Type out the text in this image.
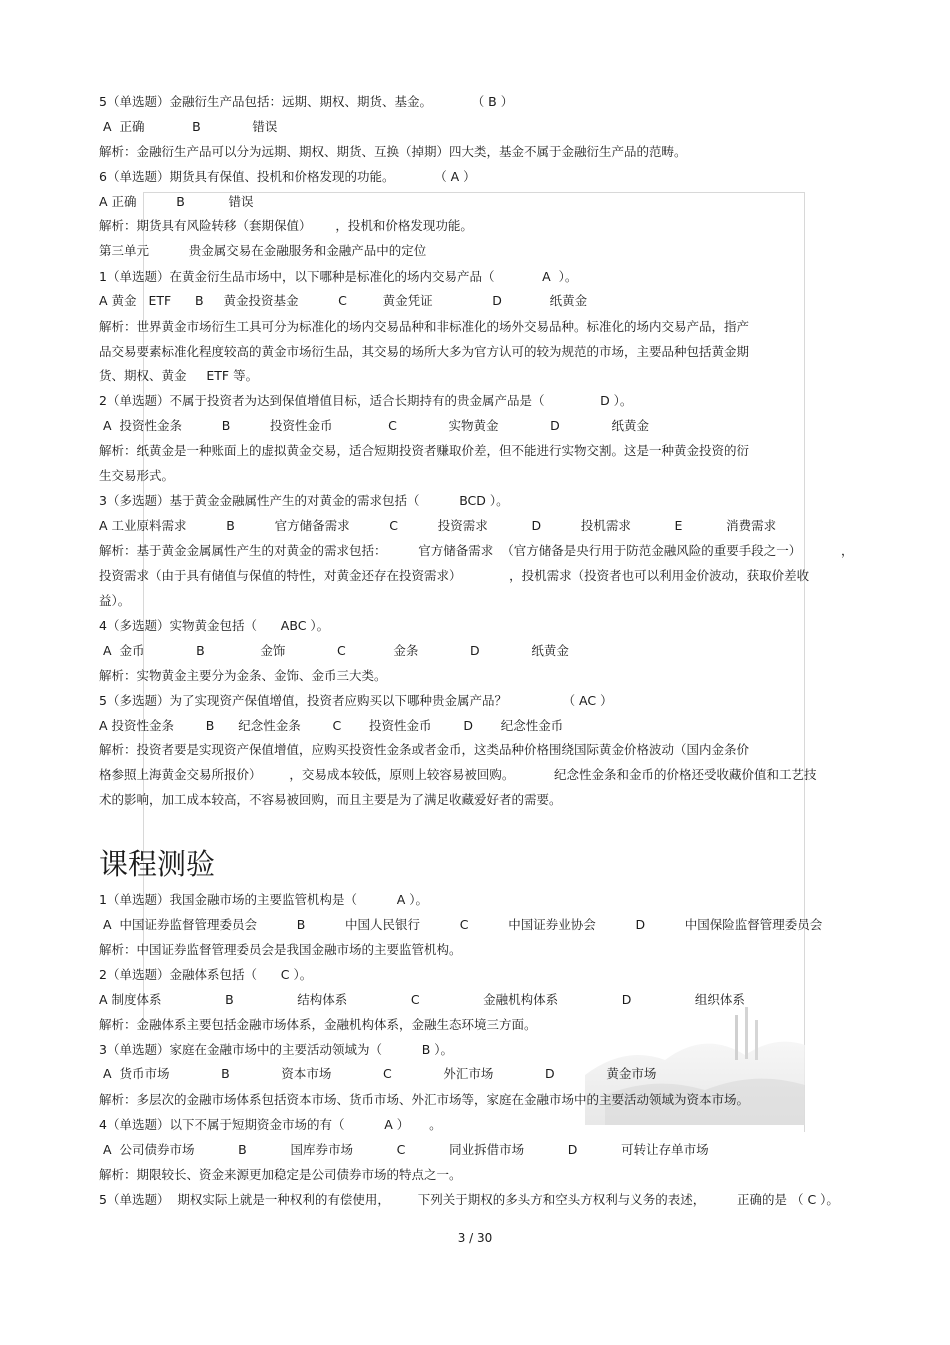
5（单选题）金融衍生产品包括：远期、期权、期货、基金。          （ B ）
A  正确            B             错误
解析：金融衍生产品可以分为远期、期权、期货、互换（掉期）四大类，基金不属于金融衍生产品的范畴。
6（单选题）期货具有保值、投机和价格发现的功能。          （ A ）
A 正确          B           错误
解析：期货具有风险转移（套期保值）      ，投机和价格发现功能。
第三单元          贵金属交易在金融服务和金融产品中的定位
1（单选题）在黄金衍生品市场中，以下哪种是标准化的场内交易产品（            A  ）。
A 黄金   ETF      B     黄金投资基金          C         黄金凭证               D            纸黄金
解析：世界黄金市场衍生工具可分为标准化的场内交易品种和非标准化的场外交易品种。标准化的场内交易产品，指产
品交易要素标准化程度较高的黄金市场衍生品，其交易的场所大多为官方认可的较为规范的市场，主要品种包括黄金期
货、期权、黄金     ETF 等。
2（单选题）不属于投资者为达到保值增值目标，适合长期持有的贵金属产品是（              D ）。
A  投资性金条          B          投资性金币              C             实物黄金             D             纸黄金
解析：纸黄金是一种账面上的虚拟黄金交易，适合短期投资者赚取价差，但不能进行实物交割。这是一种黄金投资的衍
生交易形式。
3（多选题）基于黄金金融属性产生的对黄金的需求包括（          BCD ）。
A 工业原料需求          B          官方储备需求          C          投资需求           D          投机需求           E           消费需求
解析：基于黄金金属属性产生的对黄金的需求包括：        官方储备需求  （官方储备是央行用于防范金融风险的重要手段之一）          ，
投资需求（由于具有储值与保值的特性，对黄金还存在投资需求）            ，投机需求（投资者也可以利用金价波动，获取价差收
益）。
4（多选题）实物黄金包括（      ABC ）。
A  金币             B              金饰             C            金条             D             纸黄金
解析：实物黄金主要分为金条、金饰、金币三大类。
5（多选题）为了实现资产保值增值，投资者应购买以下哪种贵金属产品？              （ AC ）
A 投资性金条        B      纪念性金条        C       投资性金币        D       纪念性金币
解析：投资者要是实现资产保值增值，应购买投资性金条或者金币，这类品种价格围绕国际黄金价格波动（国内金条价
格参照上海黄金交易所报价）       ，交易成本较低，原则上较容易被回购。          纪念性金条和金币的价格还受收藏价值和工艺技
术的影响，加工成本较高，不容易被回购，而且主要是为了满足收藏爱好者的需要。
课程测验
1（单选题）我国金融市场的主要监管机构是（          A ）。
A  中国证券监督管理委员会          B          中国人民银行          C          中国证券业协会          D          中国保险监督管理委员会
解析：中国证券监督管理委员会是我国金融市场的主要监管机构。
2（单选题）金融体系包括（      C ）。
A 制度体系                B                结构体系                C                金融机构体系                D                组织体系
解析：金融体系主要包括金融市场体系，金融机构体系，金融生态环境三方面。
3（单选题）家庭在金融市场中的主要活动领域为（          B ）。
A  货币市场             B             资本市场             C             外汇市场             D             黄金市场
解析：多层次的金融市场体系包括资本市场、货币市场、外汇市场等，家庭在金融市场中的主要活动领域为资本市场。
4（单选题）以下不属于短期资金市场的有（          A ）     。
A  公司债券市场           B           国库券市场           C           同业拆借市场           D           可转让存单市场
解析：期限较长、资金来源更加稳定是公司债券市场的特点之一。
5（单选题）  期权实际上就是一种权利的有偿使用，       下列关于期权的多头方和空头方权利与义务的表述，        正确的是 （ C ）。
3 / 30
